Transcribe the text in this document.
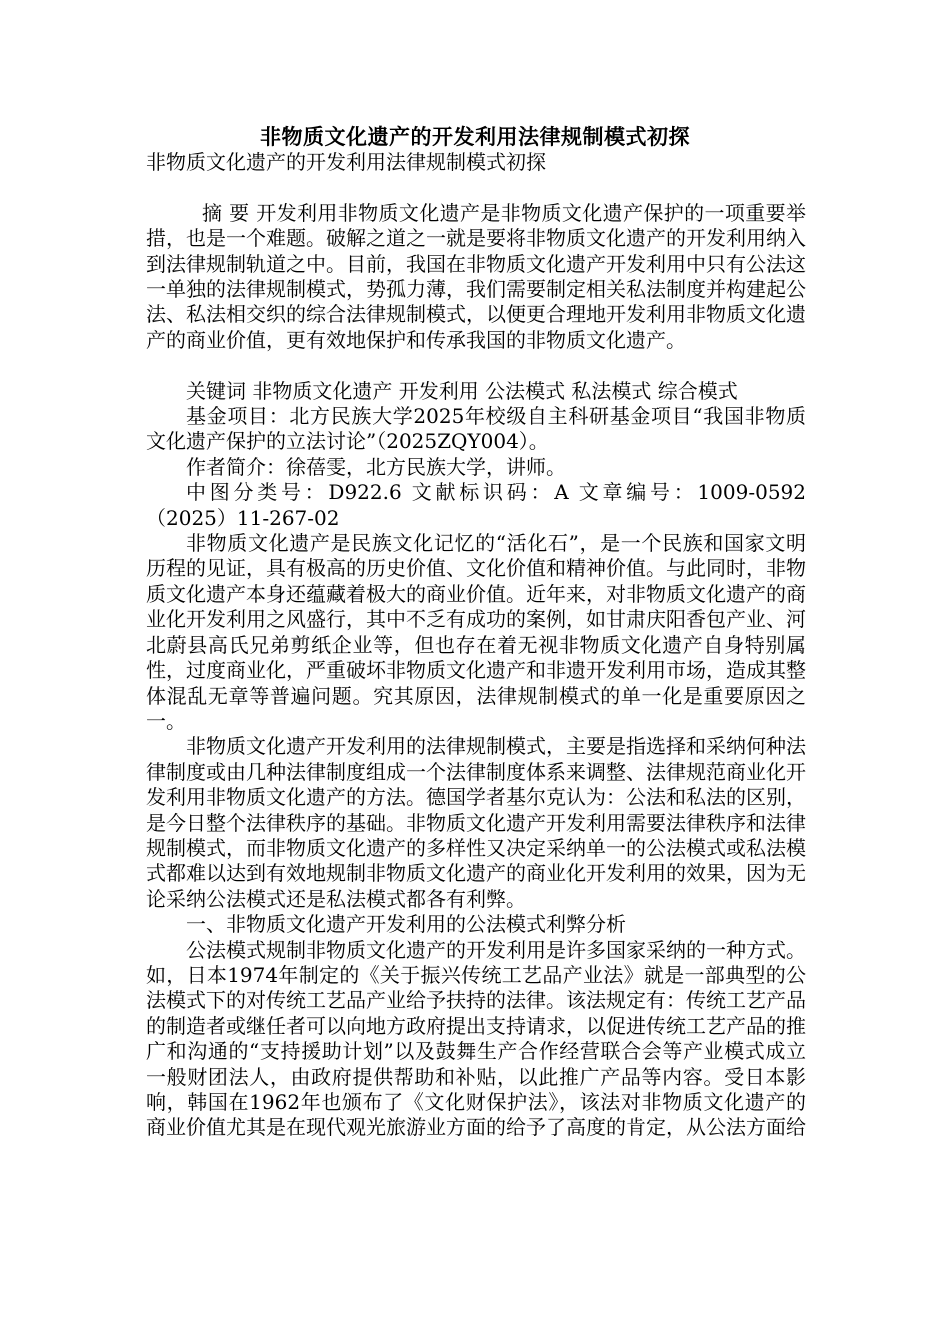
非物质文化遗产的开发利用法律规制模式初探

非物质文化遗产的开发利用法律规制模式初探

摘 要 开发利用非物质文化遗产是非物质文化遗产保护的一项重要举措，也是一个难题。破解之道之一就是要将非物质文化遗产的开发利用纳入到法律规制轨道之中。目前，我国在非物质文化遗产开发利用中只有公法这一单独的法律规制模式，势孤力薄，我们需要制定相关私法制度并构建起公法、私法相交织的综合法律规制模式，以便更合理地开发利用非物质文化遗产的商业价值，更有效地保护和传承我国的非物质文化遗产。

关键词 非物质文化遗产 开发利用 公法模式 私法模式 综合模式

基金项目：北方民族大学2025年校级自主科研基金项目“我国非物质文化遗产保护的立法讨论”（2025ZQY004）。

作者简介：徐蓓雯，北方民族大学，讲师。

中图分类号：D922.6 文献标识码：A 文章编号：1009-0592（2025）11-267-02

非物质文化遗产是民族文化记忆的“活化石”，是一个民族和国家文明历程的见证，具有极高的历史价值、文化价值和精神价值。与此同时，非物质文化遗产本身还蕴藏着极大的商业价值。近年来，对非物质文化遗产的商业化开发利用之风盛行，其中不乏有成功的案例，如甘肃庆阳香包产业、河北蔚县高氏兄弟剪纸企业等，但也存在着无视非物质文化遗产自身特别属性，过度商业化，严重破坏非物质文化遗产和非遗开发利用市场，造成其整体混乱无章等普遍问题。究其原因，法律规制模式的单一化是重要原因之一。

非物质文化遗产开发利用的法律规制模式，主要是指选择和采纳何种法律制度或由几种法律制度组成一个法律制度体系来调整、法律规范商业化开发利用非物质文化遗产的方法。德国学者基尔克认为：公法和私法的区别，是今日整个法律秩序的基础。非物质文化遗产开发利用需要法律秩序和法律规制模式，而非物质文化遗产的多样性又决定采纳单一的公法模式或私法模式都难以达到有效地规制非物质文化遗产的商业化开发利用的效果，因为无论采纳公法模式还是私法模式都各有利弊。

一、非物质文化遗产开发利用的公法模式利弊分析

公法模式规制非物质文化遗产的开发利用是许多国家采纳的一种方式。如，日本1974年制定的《关于振兴传统工艺品产业法》就是一部典型的公法模式下的对传统工艺品产业给予扶持的法律。该法规定有：传统工艺产品的制造者或继任者可以向地方政府提出支持请求，以促进传统工艺产品的推广和沟通的“支持援助计划”以及鼓舞生产合作经营联合会等产业模式成立一般财团法人，由政府提供帮助和补贴，以此推广产品等内容。受日本影响，韩国在1962年也颁布了《文化财保护法》，该法对非物质文化遗产的商业价值尤其是在现代观光旅游业方面的给予了高度的肯定，从公法方面给
